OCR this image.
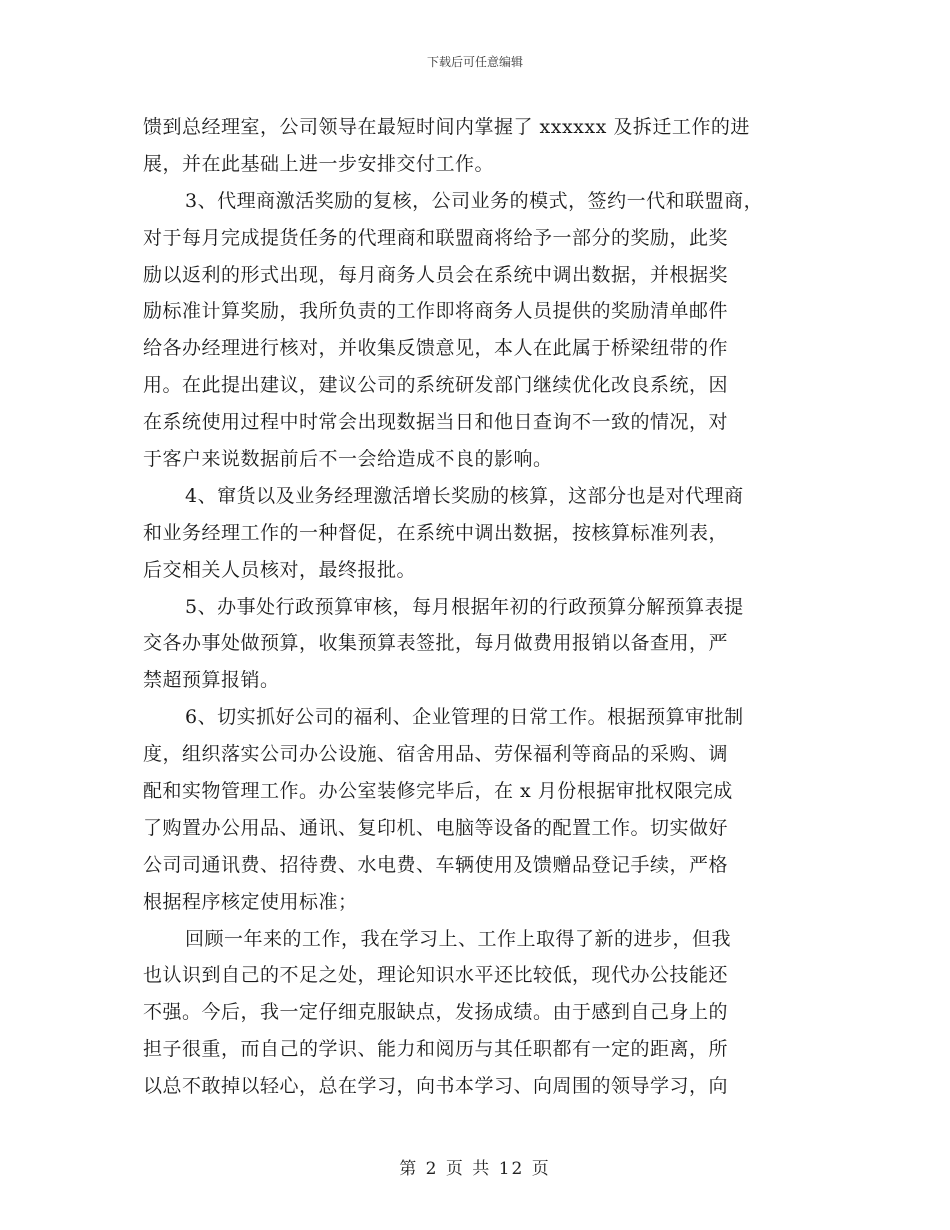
下载后可任意编辑
馈到总经理室，公司领导在最短时间内掌握了 xxxxxx 及拆迁工作的进
展，并在此基础上进一步安排交付工作。
3、代理商激活奖励的复核，公司业务的模式，签约一代和联盟商，
对于每月完成提货任务的代理商和联盟商将给予一部分的奖励，此奖
励以返利的形式出现，每月商务人员会在系统中调出数据，并根据奖
励标准计算奖励，我所负责的工作即将商务人员提供的奖励清单邮件
给各办经理进行核对，并收集反馈意见，本人在此属于桥梁纽带的作
用。在此提出建议，建议公司的系统研发部门继续优化改良系统，因
在系统使用过程中时常会出现数据当日和他日查询不一致的情况，对
于客户来说数据前后不一会给造成不良的影响。
4、窜货以及业务经理激活增长奖励的核算，这部分也是对代理商
和业务经理工作的一种督促，在系统中调出数据，按核算标准列表，
后交相关人员核对，最终报批。
5、办事处行政预算审核，每月根据年初的行政预算分解预算表提
交各办事处做预算，收集预算表签批，每月做费用报销以备查用，严
禁超预算报销。
6、切实抓好公司的福利、企业管理的日常工作。根据预算审批制
度，组织落实公司办公设施、宿舍用品、劳保福利等商品的采购、调
配和实物管理工作。办公室装修完毕后，在 x 月份根据审批权限完成
了购置办公用品、通讯、复印机、电脑等设备的配置工作。切实做好
公司司通讯费、招待费、水电费、车辆使用及馈赠品登记手续，严格
根据程序核定使用标准；
回顾一年来的工作，我在学习上、工作上取得了新的进步，但我
也认识到自己的不足之处，理论知识水平还比较低，现代办公技能还
不强。今后，我一定仔细克服缺点，发扬成绩。由于感到自己身上的
担子很重，而自己的学识、能力和阅历与其任职都有一定的距离，所
以总不敢掉以轻心，总在学习，向书本学习、向周围的领导学习，向
第 2 页 共 12 页
